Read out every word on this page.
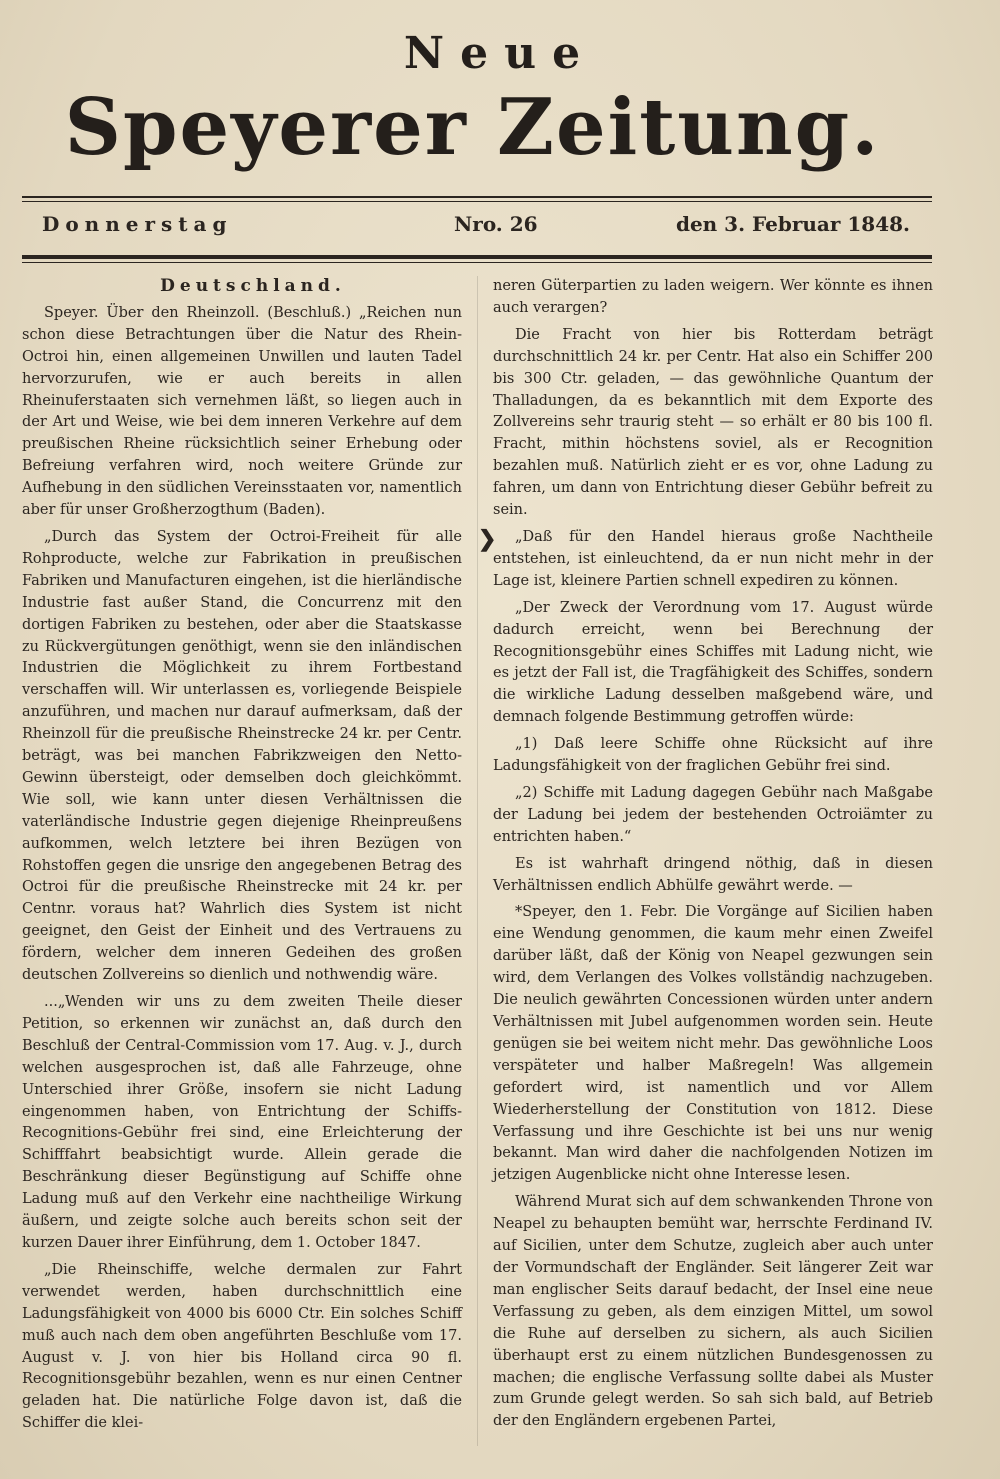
Neue
Speyerer Zeitung.
Donnerstag	Nro. 26	den 3. Februar 1848.
❯

Deutschland.

Speyer. Über den Rheinzoll. (Beschluß.) „Reichen nun schon diese Betrachtungen über die Natur des Rhein-Octroi hin, einen allgemeinen Unwillen und lauten Tadel hervorzurufen, wie er auch bereits in allen Rheinuferstaaten sich vernehmen läßt, so liegen auch in der Art und Weise, wie bei dem inneren Verkehre auf dem preußischen Rheine rücksichtlich seiner Erhebung oder Befreiung verfahren wird, noch weitere Gründe zur Aufhebung in den südlichen Vereinsstaaten vor, namentlich aber für unser Großherzogthum (Baden).

„Durch das System der Octroi-Freiheit für alle Rohproducte, welche zur Fabrikation in preußischen Fabriken und Manufacturen eingehen, ist die hierländische Industrie fast außer Stand, die Concurrenz mit den dortigen Fabriken zu bestehen, oder aber die Staatskasse zu Rückvergütungen genöthigt, wenn sie den inländischen Industrien die Möglichkeit zu ihrem Fortbestand verschaffen will. Wir unterlassen es, vorliegende Beispiele anzuführen, und machen nur darauf aufmerksam, daß der Rheinzoll für die preußische Rheinstrecke 24 kr. per Centr. beträgt, was bei manchen Fabrikzweigen den Netto-Gewinn übersteigt, oder demselben doch gleichkömmt. Wie soll, wie kann unter diesen Verhältnissen die vaterländische Industrie gegen diejenige Rheinpreußens aufkommen, welch letztere bei ihren Bezügen von Rohstoffen gegen die unsrige den angegebenen Betrag des Octroi für die preußische Rheinstrecke mit 24 kr. per Centnr. voraus hat? Wahrlich dies System ist nicht geeignet, den Geist der Einheit und des Vertrauens zu fördern, welcher dem inneren Gedeihen des großen deutschen Zollvereins so dienlich und nothwendig wäre.

...„Wenden wir uns zu dem zweiten Theile dieser Petition, so erkennen wir zunächst an, daß durch den Beschluß der Central-Commission vom 17. Aug. v. J., durch welchen ausgesprochen ist, daß alle Fahrzeuge, ohne Unterschied ihrer Größe, insofern sie nicht Ladung eingenommen haben, von Entrichtung der Schiffs-Recognitions-Gebühr frei sind, eine Erleichterung der Schifffahrt beabsichtigt wurde. Allein gerade die Beschränkung dieser Begünstigung auf Schiffe ohne Ladung muß auf den Verkehr eine nachtheilige Wirkung äußern, und zeigte solche auch bereits schon seit der kurzen Dauer ihrer Einführung, dem 1. October 1847.

„Die Rheinschiffe, welche dermalen zur Fahrt verwendet werden, haben durchschnittlich eine Ladungsfähigkeit von 4000 bis 6000 Ctr. Ein solches Schiff muß auch nach dem oben angeführten Beschluße vom 17. August v. J. von hier bis Holland circa 90 fl. Recognitionsgebühr bezahlen, wenn es nur einen Centner geladen hat. Die natürliche Folge davon ist, daß die Schiffer die klei-

neren Güterpartien zu laden weigern. Wer könnte es ihnen auch verargen?

Die Fracht von hier bis Rotterdam beträgt durchschnittlich 24 kr. per Centr. Hat also ein Schiffer 200 bis 300 Ctr. geladen, — das gewöhnliche Quantum der Thalladungen, da es bekanntlich mit dem Exporte des Zollvereins sehr traurig steht — so erhält er 80 bis 100 fl. Fracht, mithin höchstens soviel, als er Recognition bezahlen muß. Natürlich zieht er es vor, ohne Ladung zu fahren, um dann von Entrichtung dieser Gebühr befreit zu sein.

„Daß für den Handel hieraus große Nachtheile entstehen, ist einleuchtend, da er nun nicht mehr in der Lage ist, kleinere Partien schnell expediren zu können.

„Der Zweck der Verordnung vom 17. August würde dadurch erreicht, wenn bei Berechnung der Recognitionsgebühr eines Schiffes mit Ladung nicht, wie es jetzt der Fall ist, die Tragfähigkeit des Schiffes, sondern die wirkliche Ladung desselben maßgebend wäre, und demnach folgende Bestimmung getroffen würde:

„1) Daß leere Schiffe ohne Rücksicht auf ihre Ladungsfähigkeit von der fraglichen Gebühr frei sind.

„2) Schiffe mit Ladung dagegen Gebühr nach Maßgabe der Ladung bei jedem der bestehenden Octroiämter zu entrichten haben.“

Es ist wahrhaft dringend nöthig, daß in diesen Verhältnissen endlich Abhülfe gewährt werde. —

*Speyer, den 1. Febr. Die Vorgänge auf Sicilien haben eine Wendung genommen, die kaum mehr einen Zweifel darüber läßt, daß der König von Neapel gezwungen sein wird, dem Verlangen des Volkes vollständig nachzugeben. Die neulich gewährten Concessionen würden unter andern Verhältnissen mit Jubel aufgenommen worden sein. Heute genügen sie bei weitem nicht mehr. Das gewöhnliche Loos verspäteter und halber Maßregeln! Was allgemein gefordert wird, ist namentlich und vor Allem Wiederherstellung der Constitution von 1812. Diese Verfassung und ihre Geschichte ist bei uns nur wenig bekannt. Man wird daher die nachfolgenden Notizen im jetzigen Augenblicke nicht ohne Interesse lesen.

Während Murat sich auf dem schwankenden Throne von Neapel zu behaupten bemüht war, herrschte Ferdinand IV. auf Sicilien, unter dem Schutze, zugleich aber auch unter der Vormundschaft der Engländer. Seit längerer Zeit war man englischer Seits darauf bedacht, der Insel eine neue Verfassung zu geben, als dem einzigen Mittel, um sowol die Ruhe auf derselben zu sichern, als auch Sicilien überhaupt erst zu einem nützlichen Bundesgenossen zu machen; die englische Verfassung sollte dabei als Muster zum Grunde gelegt werden. So sah sich bald, auf Betrieb der den Engländern ergebenen Partei,
